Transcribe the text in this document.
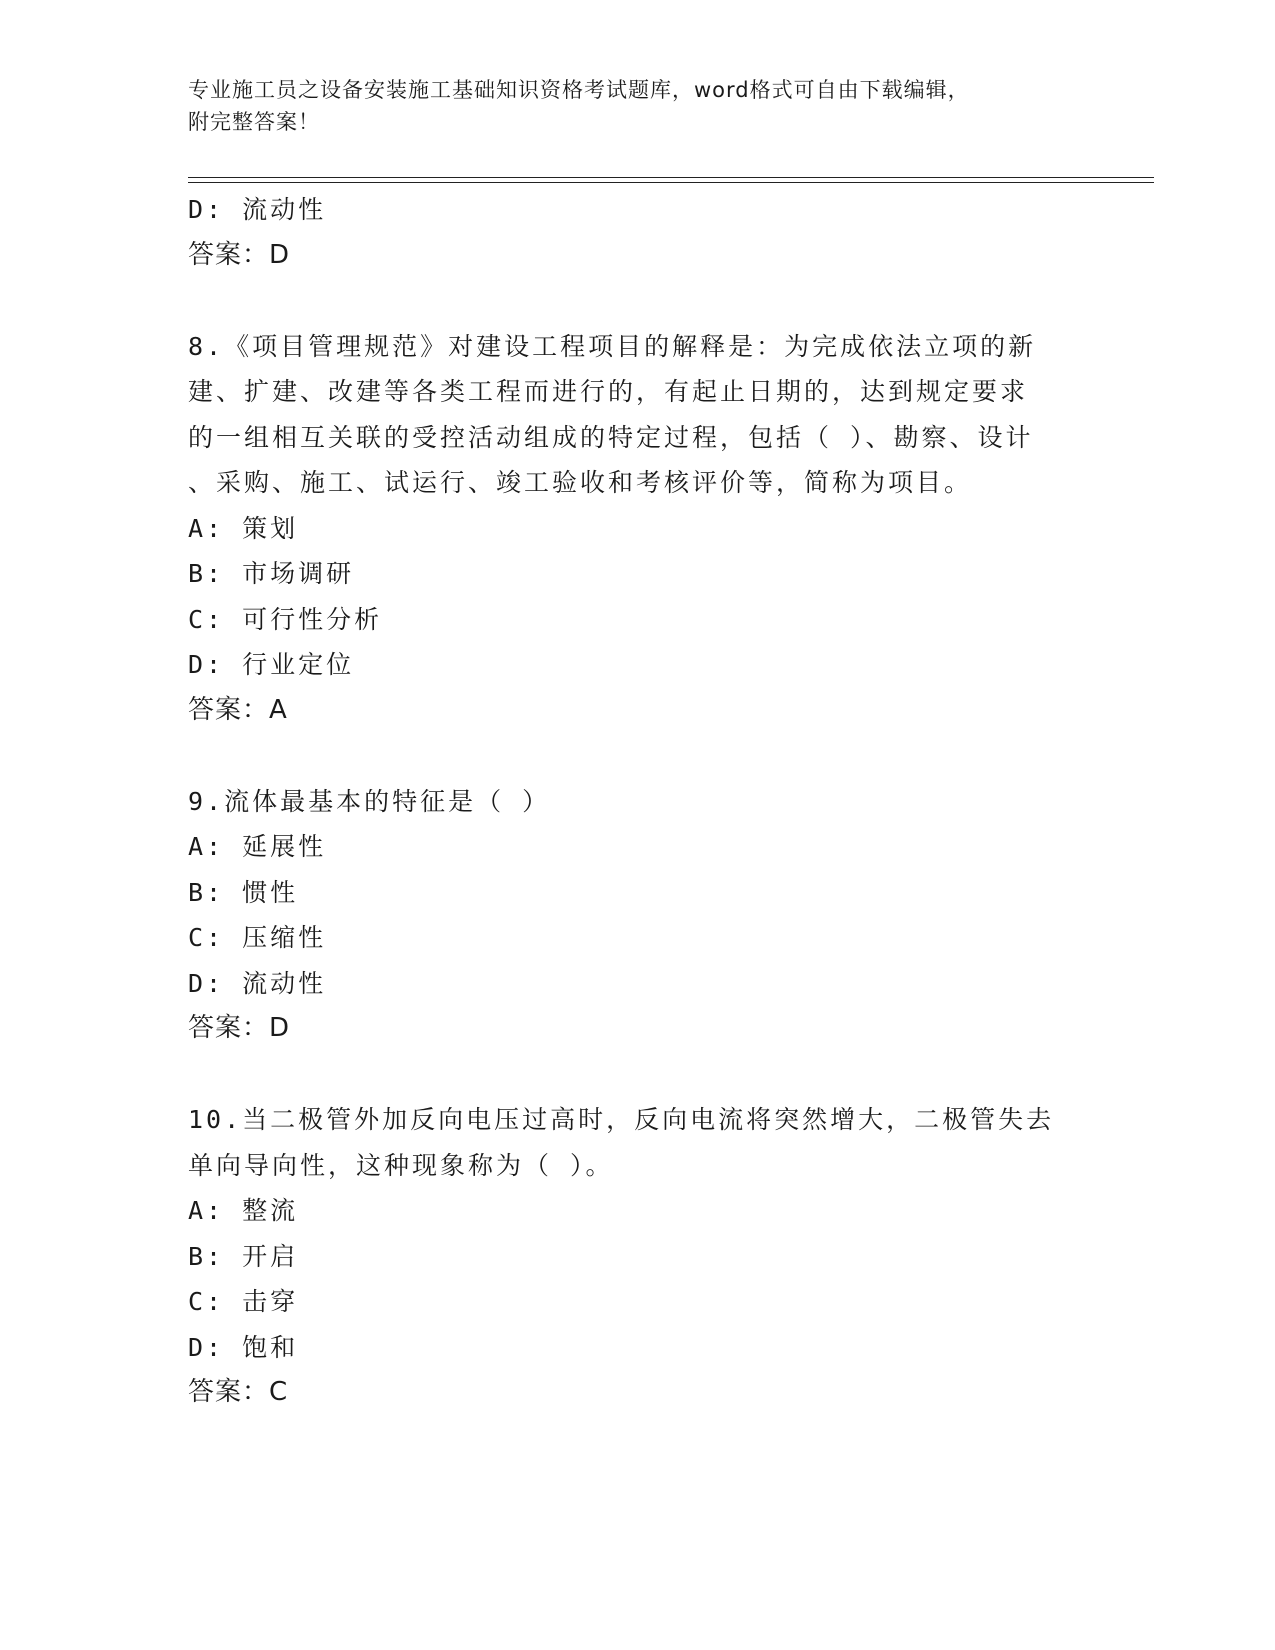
专业施工员之设备安装施工基础知识资格考试题库，word格式可自由下载编辑，
附完整答案！
D: 流动性
答案：D
8.《项目管理规范》对建设工程项目的解释是：为完成依法立项的新
建、扩建、改建等各类工程而进行的，有起止日期的，达到规定要求
的一组相互关联的受控活动组成的特定过程，包括（ ）、勘察、设计
、采购、施工、试运行、竣工验收和考核评价等，简称为项目。
A: 策划
B: 市场调研
C: 可行性分析
D: 行业定位
答案：A
9.流体最基本的特征是（ ）
A: 延展性
B: 惯性
C: 压缩性
D: 流动性
答案：D
10.当二极管外加反向电压过高时，反向电流将突然增大，二极管失去
单向导向性，这种现象称为（ ）。
A: 整流
B: 开启
C: 击穿
D: 饱和
答案：C
